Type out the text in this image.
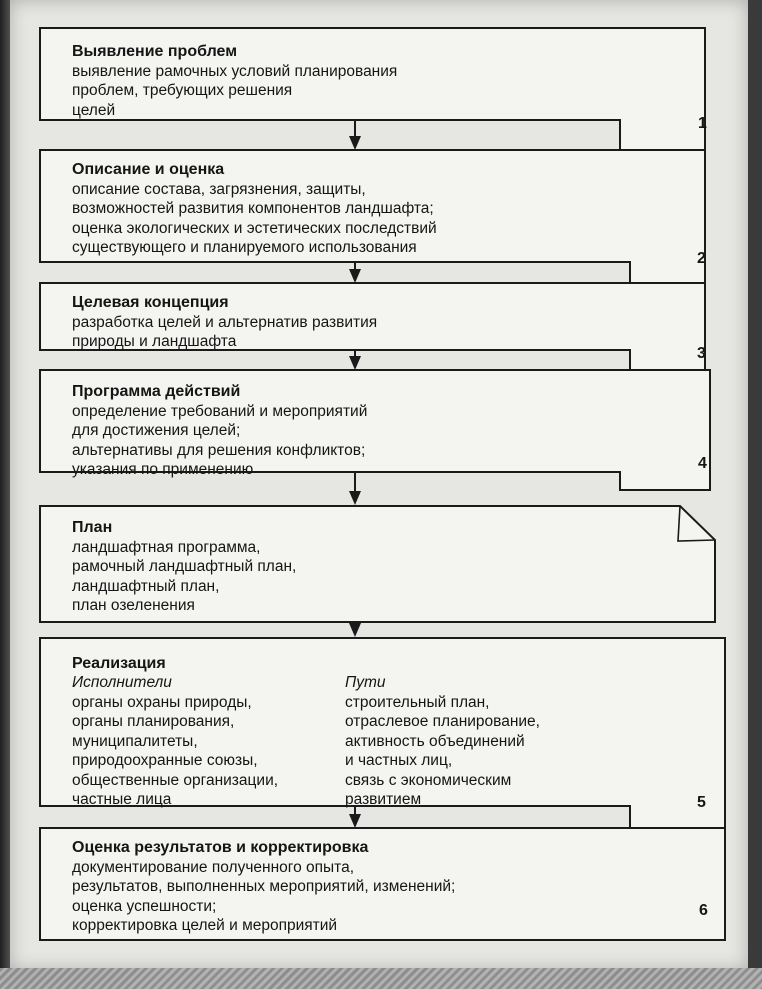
Выявление проблем
выявление рамочных условий планирования
проблем, требующих решения
целей
1
Описание и оценка
описание состава, загрязнения, защиты,
возможностей развития компонентов ландшафта;
оценка экологических и эстетических последствий
существующего и планируемого использования
2
Целевая концепция
разработка целей и альтернатив развития
природы и ландшафта
3
Программа действий
определение требований и мероприятий
для достижения целей;
альтернативы для решения конфликтов;
указания по применению	4
План
ландшафтная программа,
рамочный ландшафтный план,
ландшафтный план,
план озеленения
Реализация
Исполнители
органы охраны природы,
органы планирования,
муниципалитеты,
природоохранные союзы,
общественные организации,
частные лица
Пути
строительный план,
отраслевое планирование,
активность объединений
и частных лиц,
связь с экономическим
развитием	5
Оценка результатов и корректировка
документирование полученного опыта,
результатов, выполненных мероприятий, изменений;
оценка успешности;
корректировка целей и мероприятий
6
